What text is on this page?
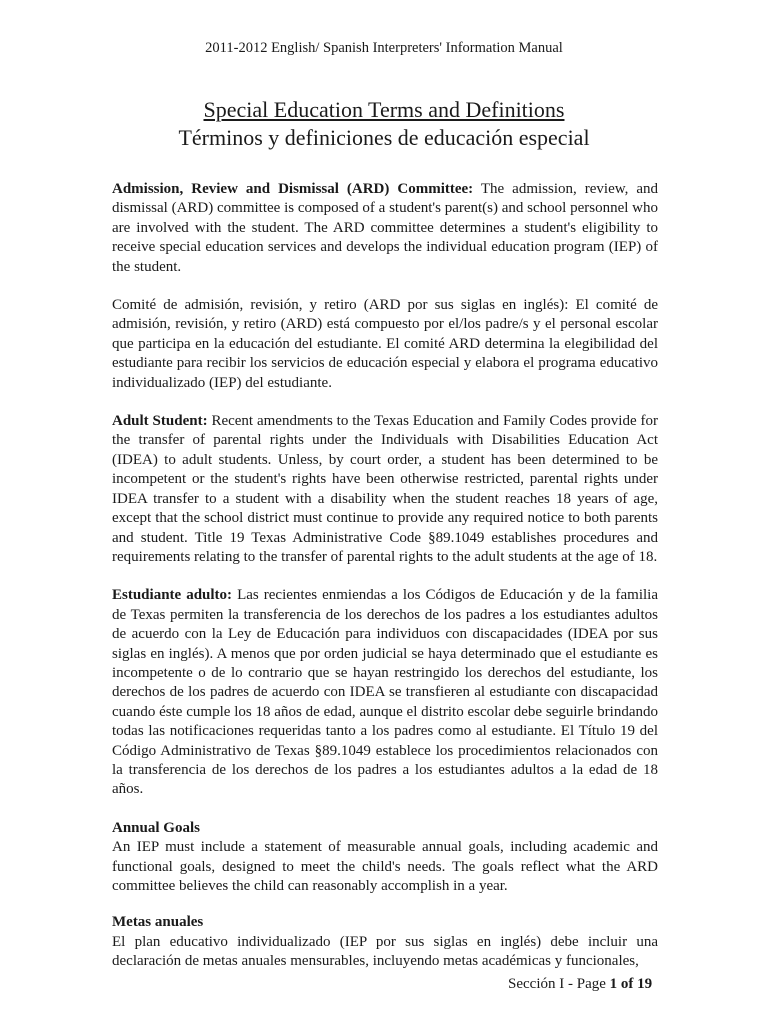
2011-2012 English/ Spanish Interpreters' Information Manual
Special Education Terms and Definitions
Términos y definiciones de educación especial

Admission, Review and Dismissal (ARD) Committee: The admission, review, and dismissal (ARD) committee is composed of a student's parent(s) and school personnel who are involved with the student. The ARD committee determines a student's eligibility to receive special education services and develops the individual education program (IEP) of the student.

Comité de admisión, revisión, y retiro (ARD por sus siglas en inglés): El comité de admisión, revisión, y retiro (ARD) está compuesto por el/los padre/s y el personal escolar que participa en la educación del estudiante. El comité ARD determina la elegibilidad del estudiante para recibir los servicios de educación especial y elabora el programa educativo individualizado (IEP) del estudiante.

Adult Student: Recent amendments to the Texas Education and Family Codes provide for the transfer of parental rights under the Individuals with Disabilities Education Act (IDEA) to adult students. Unless, by court order, a student has been determined to be incompetent or the student's rights have been otherwise restricted, parental rights under IDEA transfer to a student with a disability when the student reaches 18 years of age, except that the school district must continue to provide any required notice to both parents and student. Title 19 Texas Administrative Code §89.1049 establishes procedures and requirements relating to the transfer of parental rights to the adult students at the age of 18.

Estudiante adulto: Las recientes enmiendas a los Códigos de Educación y de la familia de Texas permiten la transferencia de los derechos de los padres a los estudiantes adultos de acuerdo con la Ley de Educación para individuos con discapacidades (IDEA por sus siglas en inglés). A menos que por orden judicial se haya determinado que el estudiante es incompetente o de lo contrario que se hayan restringido los derechos del estudiante, los derechos de los padres de acuerdo con IDEA se transfieren al estudiante con discapacidad cuando éste cumple los 18 años de edad, aunque el distrito escolar debe seguirle brindando todas las notificaciones requeridas tanto a los padres como al estudiante. El Título 19 del Código Administrativo de Texas §89.1049 establece los procedimientos relacionados con la transferencia de los derechos de los padres a los estudiantes adultos a la edad de 18 años.

Annual Goals

An IEP must include a statement of measurable annual goals, including academic and functional goals, designed to meet the child's needs. The goals reflect what the ARD committee believes the child can reasonably accomplish in a year.

Metas anuales

El plan educativo individualizado (IEP por sus siglas en inglés) debe incluir una declaración de metas anuales mensurables, incluyendo metas académicas y funcionales,

Sección I - Page 1 of 19
